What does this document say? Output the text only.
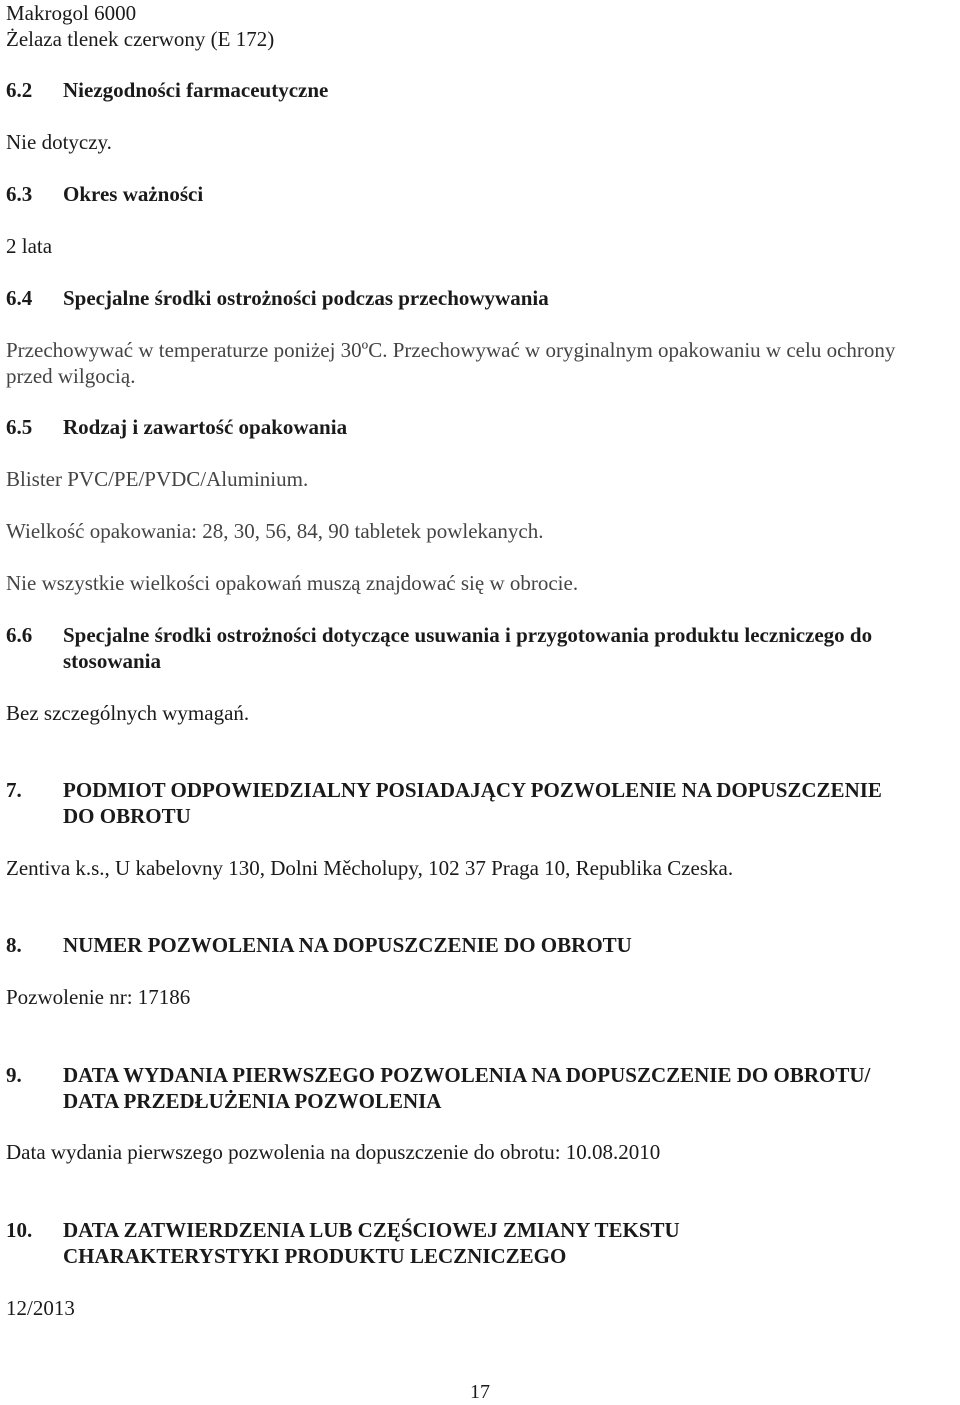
Makrogol 6000

Żelaza tlenek czerwony (E 172)

6.2 Niezgodności farmaceutyczne

Nie dotyczy.

6.3 Okres ważności

2 lata

6.4 Specjalne środki ostrożności podczas przechowywania

Przechowywać w temperaturze poniżej 30ºC. Przechowywać w oryginalnym opakowaniu w celu ochrony

przed wilgocią.

6.5 Rodzaj i zawartość opakowania

Blister PVC/PE/PVDC/Aluminium.

Wielkość opakowania: 28, 30, 56, 84, 90 tabletek powlekanych.

Nie wszystkie wielkości opakowań muszą znajdować się w obrocie.

6.6 Specjalne środki ostrożności dotyczące usuwania i przygotowania produktu leczniczego do
stosowania

Bez szczególnych wymagań.

7. PODMIOT ODPOWIEDZIALNY POSIADAJĄCY POZWOLENIE NA DOPUSZCZENIE
DO OBROTU

Zentiva k.s., U kabelovny 130, Dolni Měcholupy, 102 37 Praga 10, Republika Czeska.

8. NUMER POZWOLENIA NA DOPUSZCZENIE DO OBROTU

Pozwolenie nr: 17186

9. DATA WYDANIA PIERWSZEGO POZWOLENIA NA DOPUSZCZENIE DO OBROTU/
DATA PRZEDŁUŻENIA POZWOLENIA

Data wydania pierwszego pozwolenia na dopuszczenie do obrotu: 10.08.2010

10. DATA ZATWIERDZENIA LUB CZĘŚCIOWEJ ZMIANY TEKSTU
CHARAKTERYSTYKI PRODUKTU LECZNICZEGO

12/2013

17
